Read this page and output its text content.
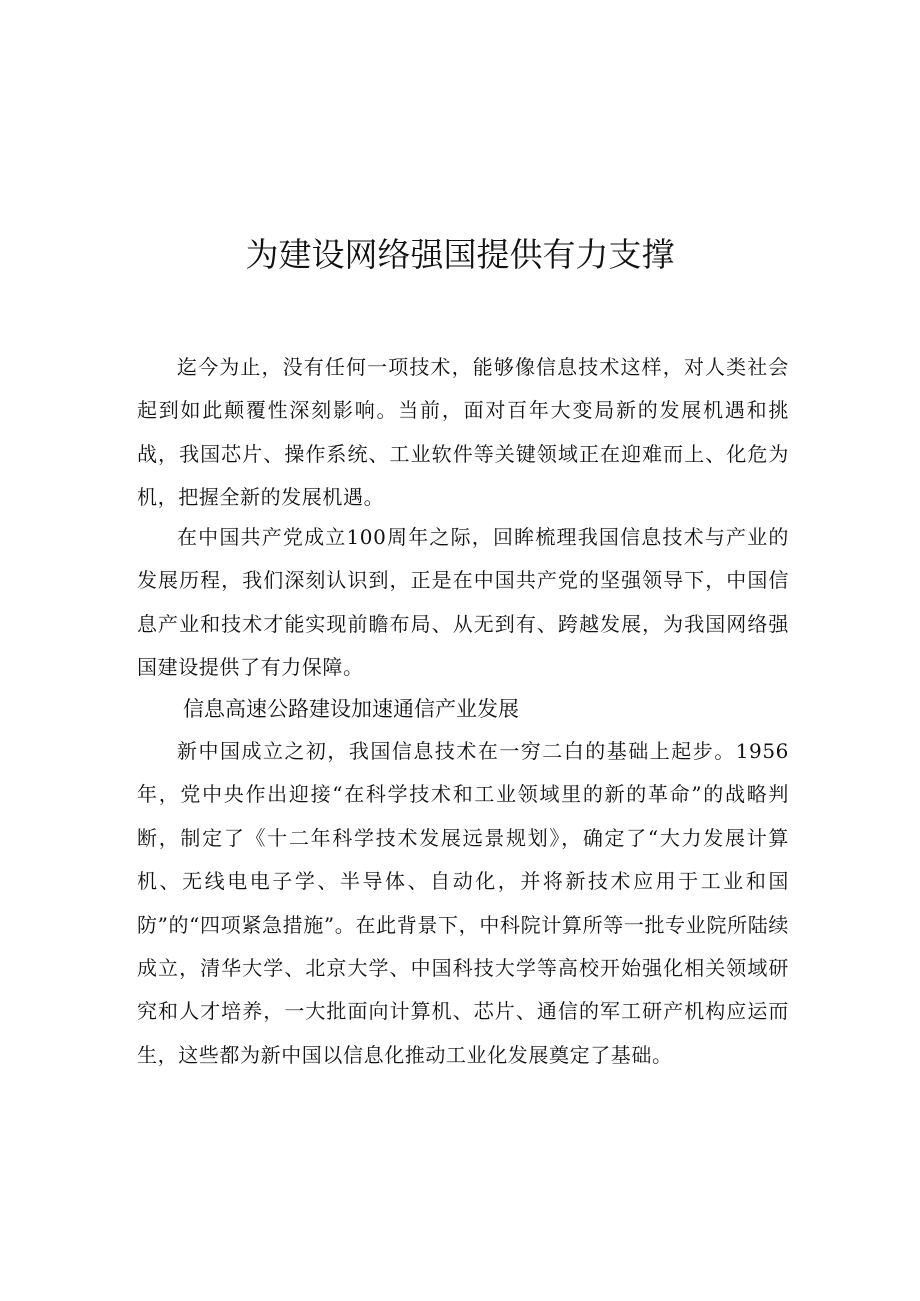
为建设网络强国提供有力支撑

迄今为止，没有任何一项技术，能够像信息技术这样，对人类社会起到如此颠覆性深刻影响。当前，面对百年大变局新的发展机遇和挑战，我国芯片、操作系统、工业软件等关键领域正在迎难而上、化危为机，把握全新的发展机遇。

在中国共产党成立100周年之际，回眸梳理我国信息技术与产业的发展历程，我们深刻认识到，正是在中国共产党的坚强领导下，中国信息产业和技术才能实现前瞻布局、从无到有、跨越发展，为我国网络强国建设提供了有力保障。

信息高速公路建设加速通信产业发展

新中国成立之初，我国信息技术在一穷二白的基础上起步。1956年，党中央作出迎接“在科学技术和工业领域里的新的革命”的战略判断，制定了《十二年科学技术发展远景规划》，确定了“大力发展计算机、无线电电子学、半导体、自动化，并将新技术应用于工业和国防”的“四项紧急措施”。在此背景下，中科院计算所等一批专业院所陆续成立，清华大学、北京大学、中国科技大学等高校开始强化相关领域研究和人才培养，一大批面向计算机、芯片、通信的军工研产机构应运而生，这些都为新中国以信息化推动工业化发展奠定了基础。
